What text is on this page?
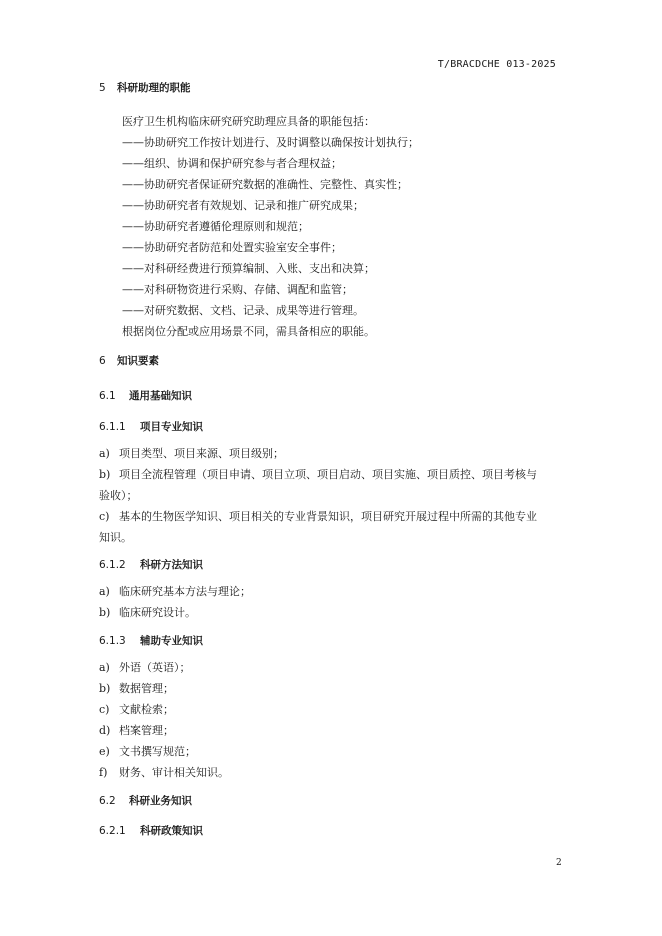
T/BRACDCHE 013-2025
5 科研助理的职能
医疗卫生机构临床研究研究助理应具备的职能包括：
——协助研究工作按计划进行、及时调整以确保按计划执行；
——组织、协调和保护研究参与者合理权益；
——协助研究者保证研究数据的准确性、完整性、真实性；
——协助研究者有效规划、记录和推广研究成果；
——协助研究者遵循伦理原则和规范；
——协助研究者防范和处置实验室安全事件；
——对科研经费进行预算编制、入账、支出和决算；
——对科研物资进行采购、存储、调配和监管；
——对研究数据、文档、记录、成果等进行管理。
根据岗位分配或应用场景不同，需具备相应的职能。
6 知识要素
6.1 通用基础知识
6.1.1 项目专业知识
a) 项目类型、项目来源、项目级别；
b) 项目全流程管理（项目申请、项目立项、项目启动、项目实施、项目质控、项目考核与
验收）；
c) 基本的生物医学知识、项目相关的专业背景知识，项目研究开展过程中所需的其他专业
知识。
6.1.2 科研方法知识
a) 临床研究基本方法与理论；
b) 临床研究设计。
6.1.3 辅助专业知识
a) 外语（英语）；
b) 数据管理；
c) 文献检索；
d) 档案管理；
e) 文书撰写规范；
f) 财务、审计相关知识。
6.2 科研业务知识
6.2.1 科研政策知识
2
